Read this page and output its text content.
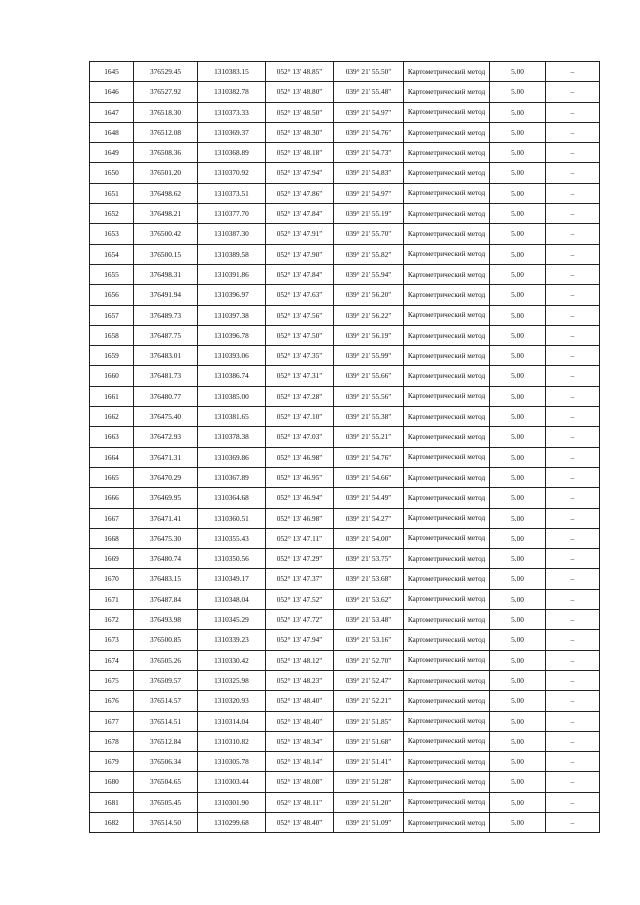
1645	376529.45	1310383.15	052° 13' 48.85"	039° 21' 55.50"	Картометрический метод	5.00	–
1646	376527.92	1310382.78	052° 13' 48.80"	039° 21' 55.48"	Картометрический метод	5.00	–
1647	376518.30	1310373.33	052° 13' 48.50"	039° 21' 54.97"	Картометрический метод	5.00	–
1648	376512.08	1310369.37	052° 13' 48.30"	039° 21' 54.76"	Картометрический метод	5.00	–
1649	376508.36	1310368.89	052° 13' 48.18"	039° 21' 54.73"	Картометрический метод	5.00	–
1650	376501.20	1310370.92	052° 13' 47.94"	039° 21' 54.83"	Картометрический метод	5.00	–
1651	376498.62	1310373.51	052° 13' 47.86"	039° 21' 54.97"	Картометрический метод	5.00	–
1652	376498.21	1310377.70	052° 13' 47.84"	039° 21' 55.19"	Картометрический метод	5.00	–
1653	376500.42	1310387.30	052° 13' 47.91"	039° 21' 55.70"	Картометрический метод	5.00	–
1654	376500.15	1310389.58	052° 13' 47.90"	039° 21' 55.82"	Картометрический метод	5.00	–
1655	376498.31	1310391.86	052° 13' 47.84"	039° 21' 55.94"	Картометрический метод	5.00	–
1656	376491.94	1310396.97	052° 13' 47.63"	039° 21' 56.20"	Картометрический метод	5.00	–
1657	376489.73	1310397.38	052° 13' 47.56"	039° 21' 56.22"	Картометрический метод	5.00	–
1658	376487.75	1310396.78	052° 13' 47.50"	039° 21' 56.19"	Картометрический метод	5.00	–
1659	376483.01	1310393.06	052° 13' 47.35"	039° 21' 55.99"	Картометрический метод	5.00	–
1660	376481.73	1310386.74	052° 13' 47.31"	039° 21' 55.66"	Картометрический метод	5.00	–
1661	376480.77	1310385.00	052° 13' 47.28"	039° 21' 55.56"	Картометрический метод	5.00	–
1662	376475.40	1310381.65	052° 13' 47.10"	039° 21' 55.38"	Картометрический метод	5.00	–
1663	376472.93	1310378.38	052° 13' 47.03"	039° 21' 55.21"	Картометрический метод	5.00	–
1664	376471.31	1310369.86	052° 13' 46.98"	039° 21' 54.76"	Картометрический метод	5.00	–
1665	376470.29	1310367.89	052° 13' 46.95"	039° 21' 54.66"	Картометрический метод	5.00	–
1666	376469.95	1310364.68	052° 13' 46.94"	039° 21' 54.49"	Картометрический метод	5.00	–
1667	376471.41	1310360.51	052° 13' 46.98"	039° 21' 54.27"	Картометрический метод	5.00	–
1668	376475.30	1310355.43	052° 13' 47.11"	039° 21' 54.00"	Картометрический метод	5.00	–
1669	376480.74	1310350.56	052° 13' 47.29"	039° 21' 53.75"	Картометрический метод	5.00	–
1670	376483.15	1310349.17	052° 13' 47.37"	039° 21' 53.68"	Картометрический метод	5.00	–
1671	376487.84	1310348.04	052° 13' 47.52"	039° 21' 53.62"	Картометрический метод	5.00	–
1672	376493.98	1310345.29	052° 13' 47.72"	039° 21' 53.48"	Картометрический метод	5.00	–
1673	376500.85	1310339.23	052° 13' 47.94"	039° 21' 53.16"	Картометрический метод	5.00	–
1674	376505.26	1310330.42	052° 13' 48.12"	039° 21' 52.70"	Картометрический метод	5.00	–
1675	376509.57	1310325.98	052° 13' 48.23"	039° 21' 52.47"	Картометрический метод	5.00	–
1676	376514.57	1310320.93	052° 13' 48.40"	039° 21' 52.21"	Картометрический метод	5.00	–
1677	376514.51	1310314.04	052° 13' 48.40"	039° 21' 51.85"	Картометрический метод	5.00	–
1678	376512.84	1310310.82	052° 13' 48.34"	039° 21' 51.68"	Картометрический метод	5.00	–
1679	376506.34	1310305.78	052° 13' 48.14"	039° 21' 51.41"	Картометрический метод	5.00	–
1680	376504.65	1310303.44	052° 13' 48.08"	039° 21' 51.28"	Картометрический метод	5.00	–
1681	376505.45	1310301.90	052° 13' 48.11"	039° 21' 51.20"	Картометрический метод	5.00	–
1682	376514.50	1310299.68	052° 13' 48.40"	039° 21' 51.09"	Картометрический метод	5.00	–
